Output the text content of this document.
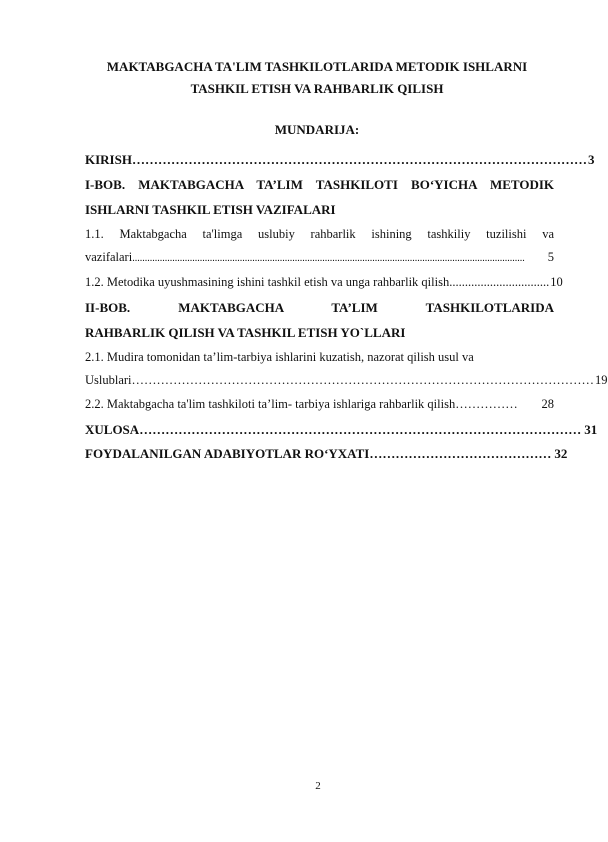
MAKTABGACHA TA'LIM TASHKILOTLARIDA METODIK ISHLARNI
TASHKIL ETISH VA RAHBARLIK QILISH
MUNDARIJA:
KIRISH …………………………………………………………………………………………… 3
I-BOB. MAKTABGACHA TA’LIM TASHKILOTI BO‘YICHA METODIK
ISHLARNI TASHKIL ETISH VAZIFALARI
1.1. Maktabgacha ta'limga uslubiy rahbarlik ishining tashkiliy tuzilishi va
vazifalari .............................................................................................................................................................	5
1.2. Metodika uyushmasining ishini tashkil etish va unga rahbarlik qilish ................................ 10
II-BOB. MAKTABGACHA TA’LIM TASHKILOTLARIDA
RAHBARLIK QILISH VA TASHKIL ETISH YO`LLARI
2.1. Mudira tomonidan ta’lim-tarbiya ishlarini kuzatish, nazorat qilish usul va
Uslublari ………………………………………………………………………………………………… 19
2.2. Maktabgacha ta'lim tashkiloti ta’lim- tarbiya ishlariga rahbarlik qilish ……………	28
XULOSA ………………………………………………………………………………………… 31
FOYDALANILGAN ADABIYOTLAR RO‘YXATI …………………………………… 32
2
